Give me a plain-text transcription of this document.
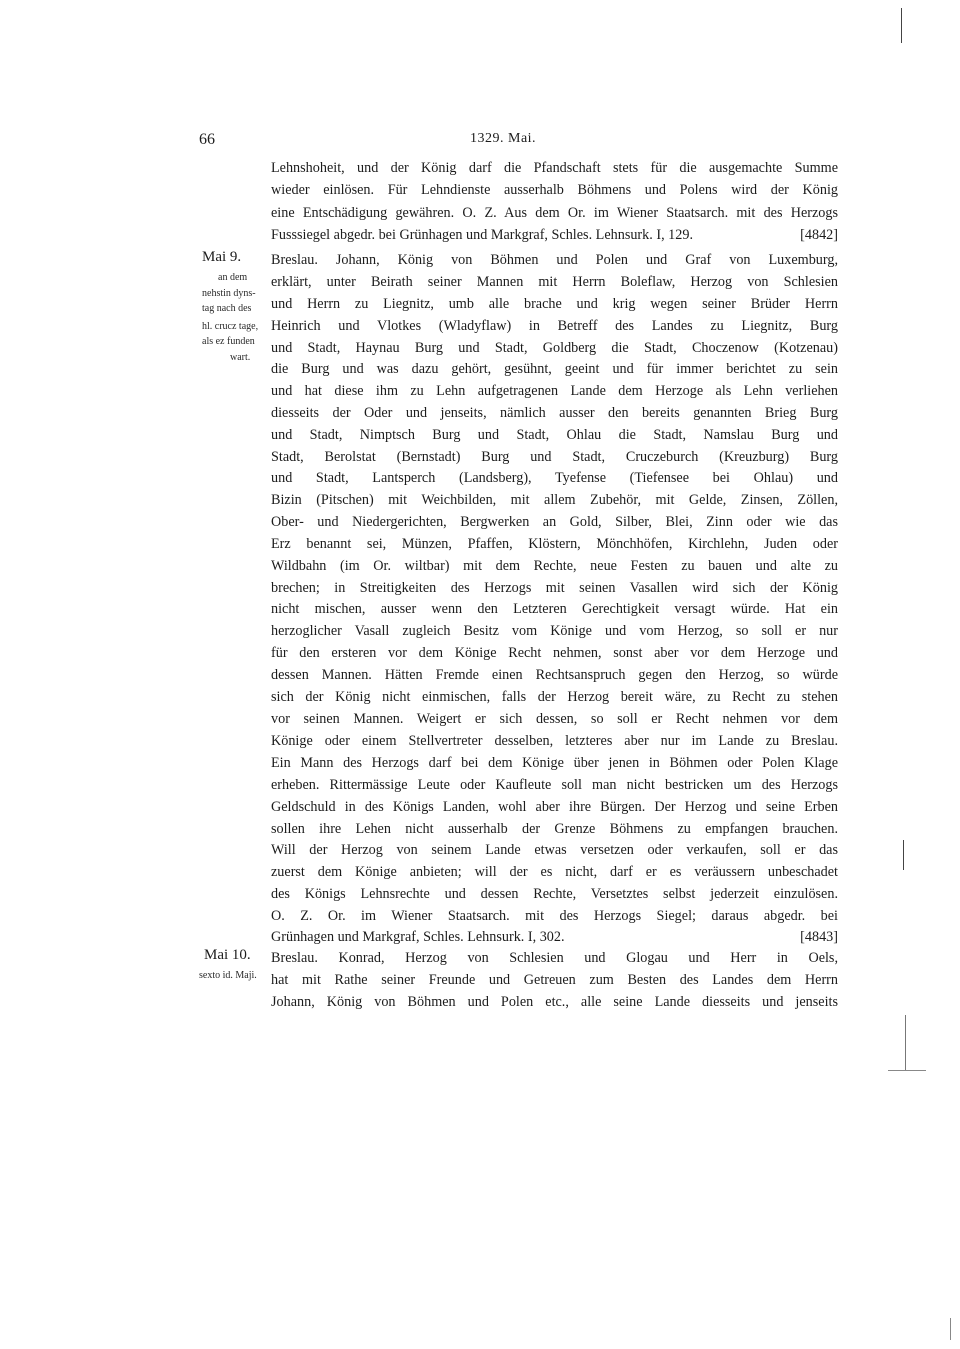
66	1329. Mai.
Lehnshoheit, und der König darf die Pfandschaft stets für die ausgemachte Summe
wieder einlösen. Für Lehndienste ausserhalb Böhmens und Polens wird der König
eine Entschädigung gewähren. O. Z. Aus dem Or. im Wiener Staatsarch. mit des Herzogs
Fusssiegel abgedr. bei Grünhagen und Markgraf, Schles. Lehnsurk. I, 129.	[4842]
Mai 9.
an dem
nehstin dyns-
tag nach des
hl. crucz tage,
als ez funden
wart.
Breslau. Johann, König von Böhmen und Polen und Graf von Luxemburg,
erklärt, unter Beirath seiner Mannen mit Herrn Boleflaw, Herzog von Schlesien
und Herrn zu Liegnitz, umb alle brache und krig wegen seiner Brüder Herrn
Heinrich und Vlotkes (Wladyflaw) in Betreff des Landes zu Liegnitz, Burg
und Stadt, Haynau Burg und Stadt, Goldberg die Stadt, Choczenow (Kotzenau)
die Burg und was dazu gehört, gesühnt, geeint und für immer berichtet zu sein
und hat diese ihm zu Lehn aufgetragenen Lande dem Herzoge als Lehn verliehen
diesseits der Oder und jenseits, nämlich ausser den bereits genannten Brieg Burg
und Stadt, Nimptsch Burg und Stadt, Ohlau die Stadt, Namslau Burg und
Stadt, Berolstat (Bernstadt) Burg und Stadt, Cruczeburch (Kreuzburg) Burg
und Stadt, Lantsperch (Landsberg), Tyefense (Tiefensee bei Ohlau) und
Bizin (Pitschen) mit Weichbilden, mit allem Zubehör, mit Gelde, Zinsen, Zöllen,
Ober- und Niedergerichten, Bergwerken an Gold, Silber, Blei, Zinn oder wie das
Erz benannt sei, Münzen, Pfaffen, Klöstern, Mönchhöfen, Kirchlehn, Juden oder
Wildbahn (im Or. wiltbar) mit dem Rechte, neue Festen zu bauen und alte zu
brechen; in Streitigkeiten des Herzogs mit seinen Vasallen wird sich der König
nicht mischen, ausser wenn den Letzteren Gerechtigkeit versagt würde. Hat ein
herzoglicher Vasall zugleich Besitz vom Könige und vom Herzog, so soll er nur
für den ersteren vor dem Könige Recht nehmen, sonst aber vor dem Herzoge und
dessen Mannen. Hätten Fremde einen Rechtsanspruch gegen den Herzog, so würde
sich der König nicht einmischen, falls der Herzog bereit wäre, zu Recht zu stehen
vor seinen Mannen. Weigert er sich dessen, so soll er Recht nehmen vor dem
Könige oder einem Stellvertreter desselben, letzteres aber nur im Lande zu Breslau.
Ein Mann des Herzogs darf bei dem Könige über jenen in Böhmen oder Polen Klage
erheben. Rittermässige Leute oder Kaufleute soll man nicht bestricken um des Herzogs
Geldschuld in des Königs Landen, wohl aber ihre Bürgen. Der Herzog und seine Erben
sollen ihre Lehen nicht ausserhalb der Grenze Böhmens zu empfangen brauchen.
Will der Herzog von seinem Lande etwas versetzen oder verkaufen, soll er das
zuerst dem Könige anbieten; will der es nicht, darf er es veräussern unbeschadet
des Königs Lehnsrechte und dessen Rechte, Versetztes selbst jederzeit einzulösen.
O. Z. Or. im Wiener Staatsarch. mit des Herzogs Siegel; daraus abgedr. bei
Grünhagen und Markgraf, Schles. Lehnsurk. I, 302.	[4843]
Mai 10.
sexto id. Maji.
Breslau. Konrad, Herzog von Schlesien und Glogau und Herr in Oels,
hat mit Rathe seiner Freunde und Getreuen zum Besten des Landes dem Herrn
Johann, König von Böhmen und Polen etc., alle seine Lande diesseits und jenseits
